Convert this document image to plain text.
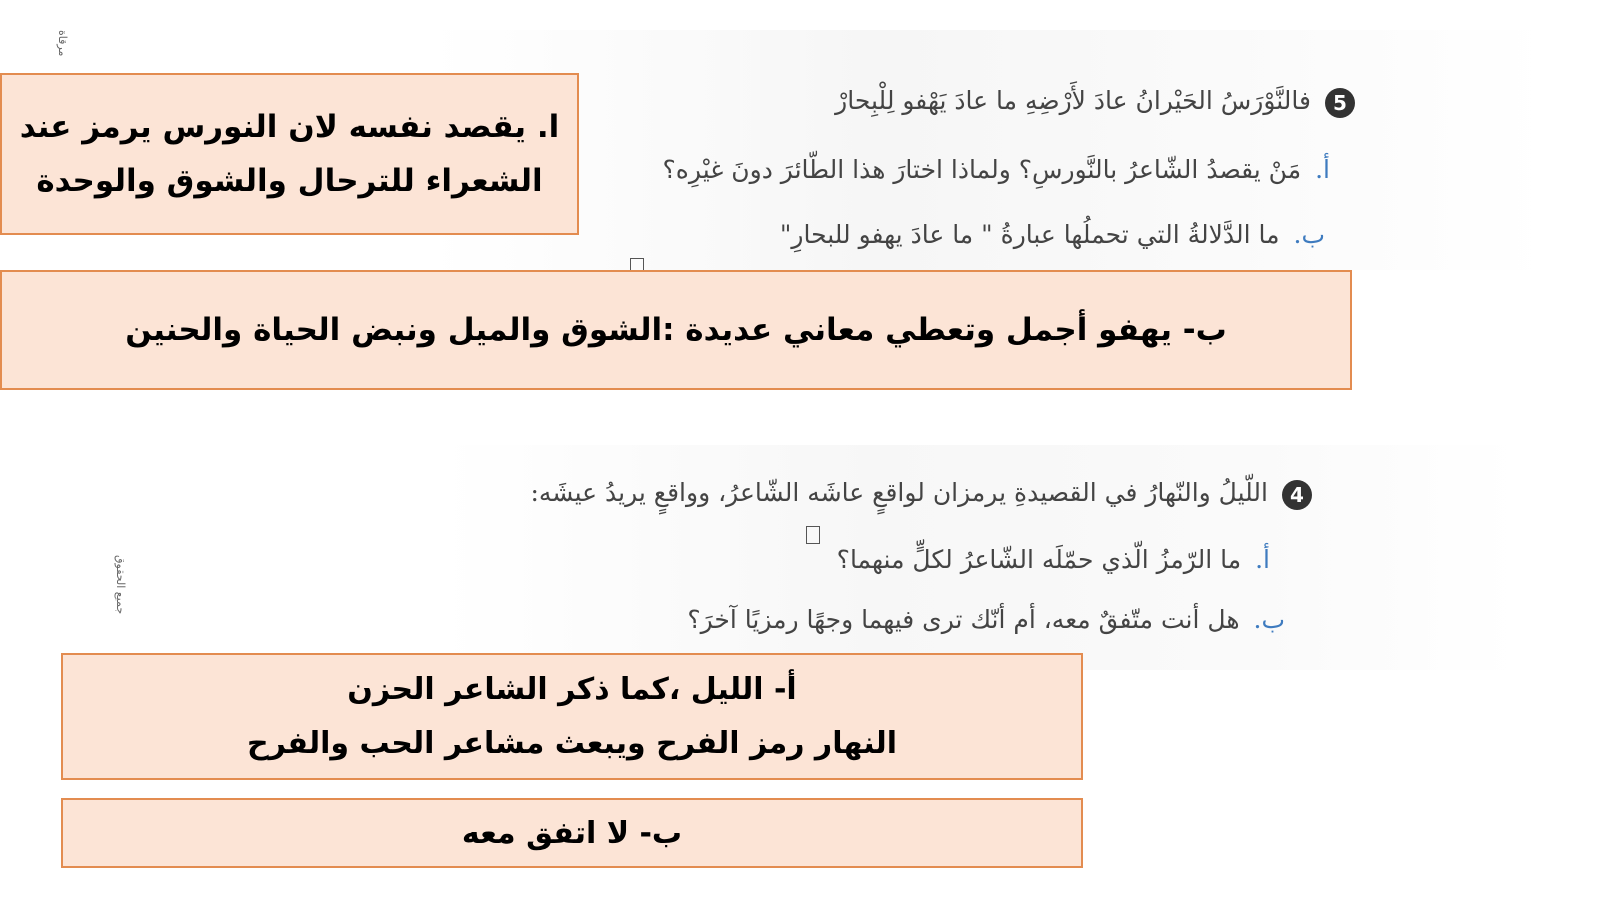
مرقاة
جميع الحقوق
5فالنَّوْرَسُ الحَيْرانُ عادَ لأَرْضِهِ ما عادَ يَهْفو لِلْبِحارْ
أ.مَنْ يقصدُ الشّاعرُ بالنَّورسِ؟ ولماذا اختارَ هذا الطّائرَ دونَ غيْرِه؟
ب.ما الدَّلالةُ التي تحملُها عبارةُ " ما عادَ يهفو للبحارِ"
4اللّيلُ والنّهارُ في القصيدةِ يرمزان لواقعٍ عاشَه الشّاعرُ، وواقعٍ يريدُ عيشَه:
أ.ما الرّمزُ الّذي حمّلَه الشّاعرُ لكلٍّ منهما؟
ب.هل أنت متّفقٌ معه، أم أنّك ترى فيهما وجهًا رمزيًا آخرَ؟
ا. يقصد نفسه لان النورس يرمز عند
الشعراء للترحال والشوق والوحدة
ب- يهفو أجمل وتعطي معاني عديدة :الشوق والميل ونبض الحياة والحنين
أ- الليل ،كما ذكر الشاعر الحزن
النهار رمز الفرح ويبعث مشاعر الحب والفرح
ب- لا اتفق معه
